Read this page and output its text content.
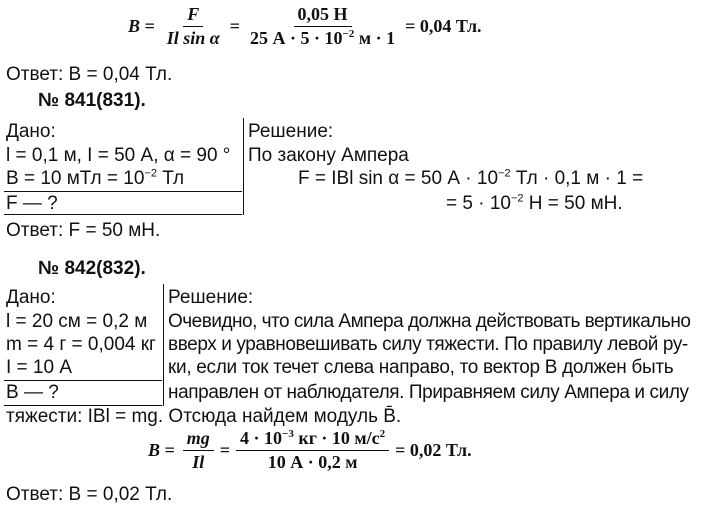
$B = \frac{F}{\text{Il sin α}} = \frac{0,05 Н}{25 А \cdot 5 \cdot 10^{-2} м \cdot 1} = 0,04$ Тл.
Ответ: B = 0,04 Тл.
№ 841(831).
Дано:
l = 0,1 м, I = 50 А, α = 90 °
B = 10 мТл = $10^{-2}$ Тл
F — ?
Решение:
По закону Ампера
F = IBl sin α = 50 $А \cdot 10^{-2}$ Тл · 0,1 м · 1 =
= $5 \cdot 10^{-2}$ Н = 50 мН.
Ответ: F = 50 мН.
№ 842(832).
Дано:
l = 20 см = 0,2 м
m = 4 г = 0,004 кг
I = 10 А
B — ?
Решение:
Очевидно, что сила Ампера должна действовать вертикально
вверх и уравновешивать силу тяжести. По правилу левой ру-
ки, если ток течет слева направо, то вектор В должен быть
направлен от наблюдателя. Приравняем силу Ампера и силу
тяжести: IBl = mg. Отсюда найдем модуль B̄.
$B = \frac{mg}{Il} = \frac{4 \cdot 10^{-3} кг \cdot 10 м/с^2}{10 А \cdot 0,2 м} = 0,02$ Тл.
Ответ: B = 0,02 Тл.
